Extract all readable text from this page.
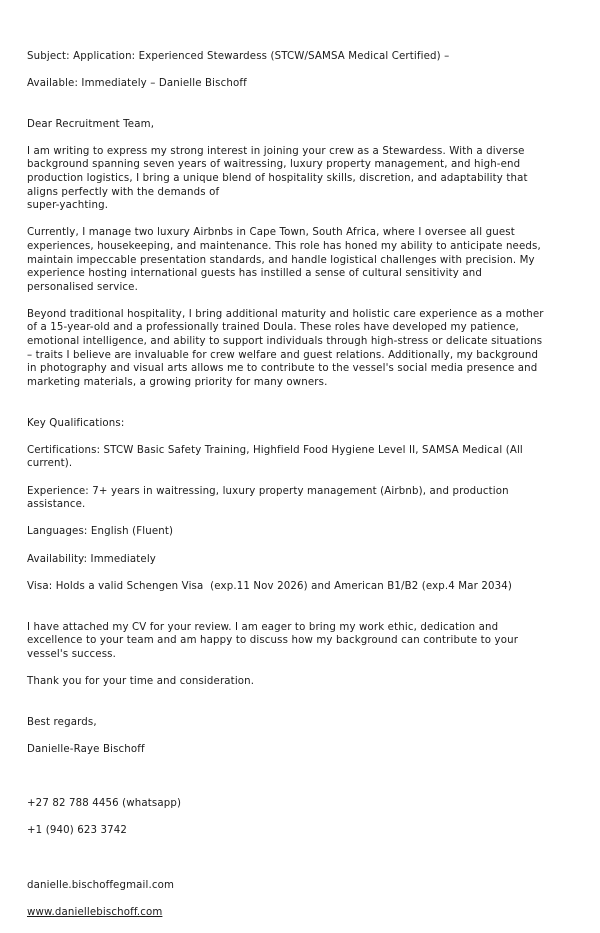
Subject: Application: Experienced Stewardess (STCW/SAMSA Medical Certified) –

Available: Immediately – Danielle Bischoff

Dear Recruitment Team,
I am writing to express my strong interest in joining your crew as a Stewardess. With a diverse
background spanning seven years of waitressing, luxury property management, and high-end
production logistics, I bring a unique blend of hospitality skills, discretion, and adaptability that
aligns perfectly with the demands of
super-yachting.
Currently, I manage two luxury Airbnbs in Cape Town, South Africa, where I oversee all guest
experiences, housekeeping, and maintenance. This role has honed my ability to anticipate needs,
maintain impeccable presentation standards, and handle logistical challenges with precision. My
experience hosting international guests has instilled a sense of cultural sensitivity and
personalised service.
Beyond traditional hospitality, I bring additional maturity and holistic care experience as a mother
of a 15-year-old and a professionally trained Doula. These roles have developed my patience,
emotional intelligence, and ability to support individuals through high-stress or delicate situations
– traits I believe are invaluable for crew welfare and guest relations. Additionally, my background
in photography and visual arts allows me to contribute to the vessel's social media presence and
marketing materials, a growing priority for many owners.

Key Qualifications:

Certifications: STCW Basic Safety Training, Highfield Food Hygiene Level II, SAMSA Medical (All
current).

Experience: 7+ years in waitressing, luxury property management (Airbnb), and production
assistance.

Languages: English (Fluent)

Availability: Immediately

Visa: Holds a valid Schengen Visa  (exp.11 Nov 2026) and American B1/B2 (exp.4 Mar 2034)

I have attached my CV for your review. I am eager to bring my work ethic, dedication and
excellence to your team and am happy to discuss how my background can contribute to your
vessel's success.
Thank you for your time and consideration.

Best regards,

Danielle-Raye Bischoff

+27 82 788 4456 (whatsapp)

+1 (940) 623 3742

danielle.bischoffegmail.com

www.daniellebischoff.com
